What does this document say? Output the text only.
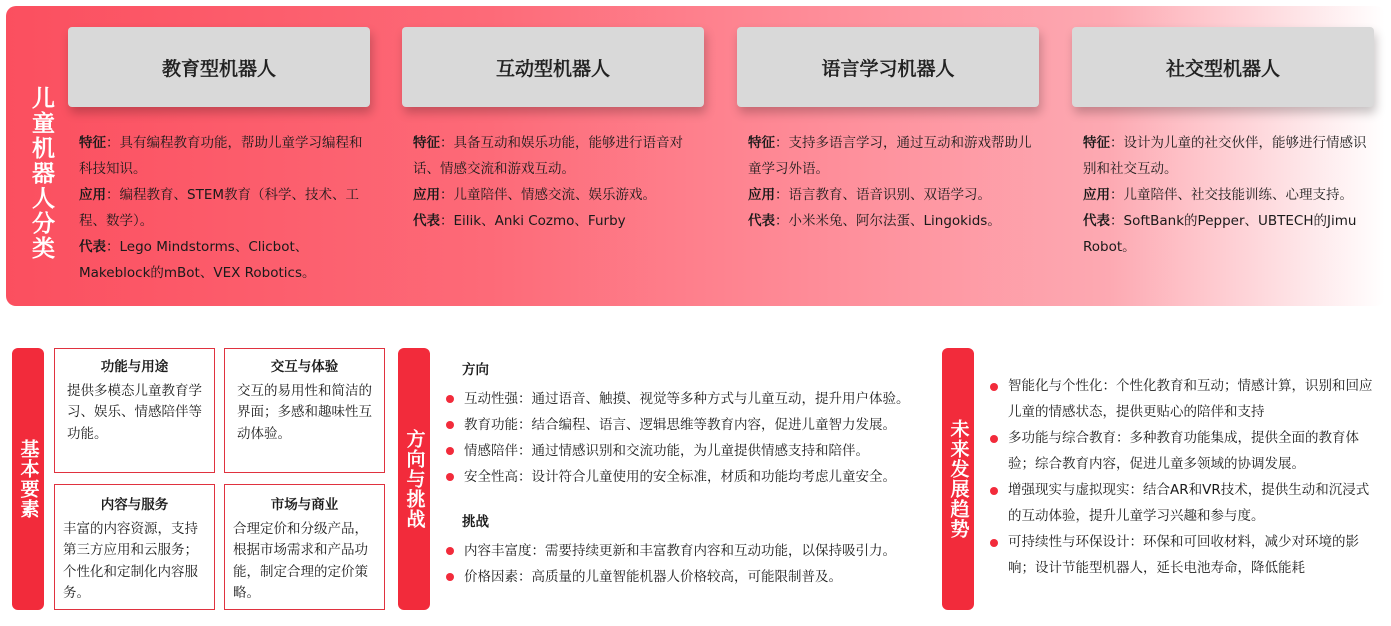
儿童机器人分类
教育型机器人	互动型机器人	语言学习机器人	社交型机器人
特征：具有编程教育功能，帮助儿童学习编程和科技知识。
应用：编程教育、STEM教育（科学、技术、工程、数学）。
代表：Lego Mindstorms、Clicbot、Makeblock的mBot、VEX Robotics。
特征：具备互动和娱乐功能，能够进行语音对话、情感交流和游戏互动。
应用：儿童陪伴、情感交流、娱乐游戏。
代表：Eilik、Anki Cozmo、Furby
特征：支持多语言学习，通过互动和游戏帮助儿童学习外语。
应用：语言教育、语音识别、双语学习。
代表：小米米兔、阿尔法蛋、Lingokids。
特征：设计为儿童的社交伙伴，能够进行情感识别和社交互动。
应用：儿童陪伴、社交技能训练、心理支持。
代表：SoftBank的Pepper、UBTECH的Jimu Robot。
基本要素
功能与用途
提供多模态儿童教育学习、娱乐、情感陪伴等功能。
交互与体验
交互的易用性和简洁的界面；多感和趣味性互动体验。
内容与服务
丰富的内容资源，支持第三方应用和云服务；个性化和定制化内容服务。
市场与商业
合理定价和分级产品，根据市场需求和产品功能，制定合理的定价策略。
方向与挑战
方向
互动性强：通过语音、触摸、视觉等多种方式与儿童互动，提升用户体验。
教育功能：结合编程、语言、逻辑思维等教育内容，促进儿童智力发展。
情感陪伴：通过情感识别和交流功能，为儿童提供情感支持和陪伴。
安全性高：设计符合儿童使用的安全标准，材质和功能均考虑儿童安全。
挑战
内容丰富度：需要持续更新和丰富教育内容和互动功能，以保持吸引力。
价格因素：高质量的儿童智能机器人价格较高，可能限制普及。
未来发展趋势
智能化与个性化：个性化教育和互动；情感计算，识别和回应儿童的情感状态，提供更贴心的陪伴和支持
多功能与综合教育：多种教育功能集成，提供全面的教育体验；综合教育内容，促进儿童多领域的协调发展。
增强现实与虚拟现实：结合AR和VR技术，提供生动和沉浸式的互动体验，提升儿童学习兴趣和参与度。
可持续性与环保设计：环保和可回收材料，减少对环境的影响；设计节能型机器人，延长电池寿命，降低能耗
